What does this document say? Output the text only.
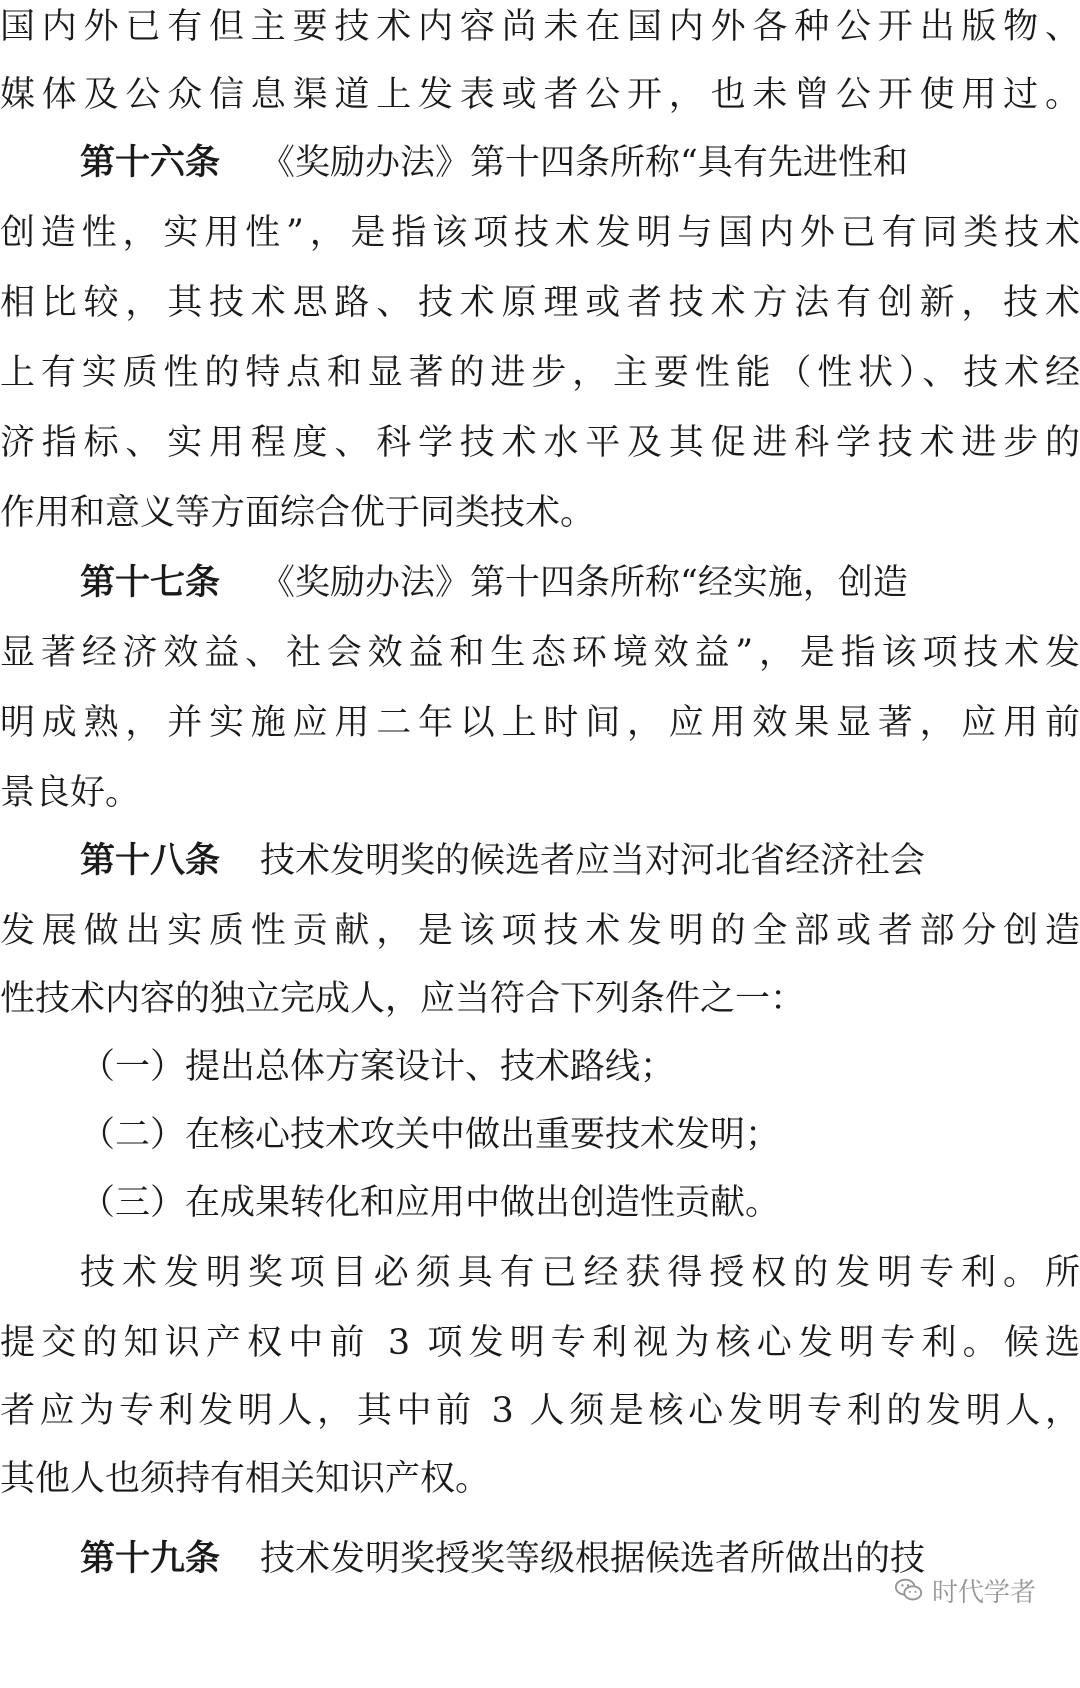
国内外已有但主要技术内容尚未在国内外各种公开出版物、
媒体及公众信息渠道上发表或者公开，也未曾公开使用过。
第十六条 《奖励办法》第十四条所称“具有先进性和
创造性，实用性”，是指该项技术发明与国内外已有同类技术
相比较，其技术思路、技术原理或者技术方法有创新，技术
上有实质性的特点和显著的进步，主要性能（性状）、技术经
济指标、实用程度、科学技术水平及其促进科学技术进步的
作用和意义等方面综合优于同类技术。
第十七条 《奖励办法》第十四条所称“经实施，创造
显著经济效益、社会效益和生态环境效益”，是指该项技术发
明成熟，并实施应用二年以上时间，应用效果显著，应用前
景良好。
第十八条 技术发明奖的候选者应当对河北省经济社会
发展做出实质性贡献，是该项技术发明的全部或者部分创造
性技术内容的独立完成人，应当符合下列条件之一：
（一）提出总体方案设计、技术路线；
（二）在核心技术攻关中做出重要技术发明；
（三）在成果转化和应用中做出创造性贡献。
技术发明奖项目必须具有已经获得授权的发明专利。所
提交的知识产权中前 3 项发明专利视为核心发明专利。候选
者应为专利发明人，其中前 3 人须是核心发明专利的发明人，
其他人也须持有相关知识产权。
第十九条 技术发明奖授奖等级根据候选者所做出的技
时代学者
